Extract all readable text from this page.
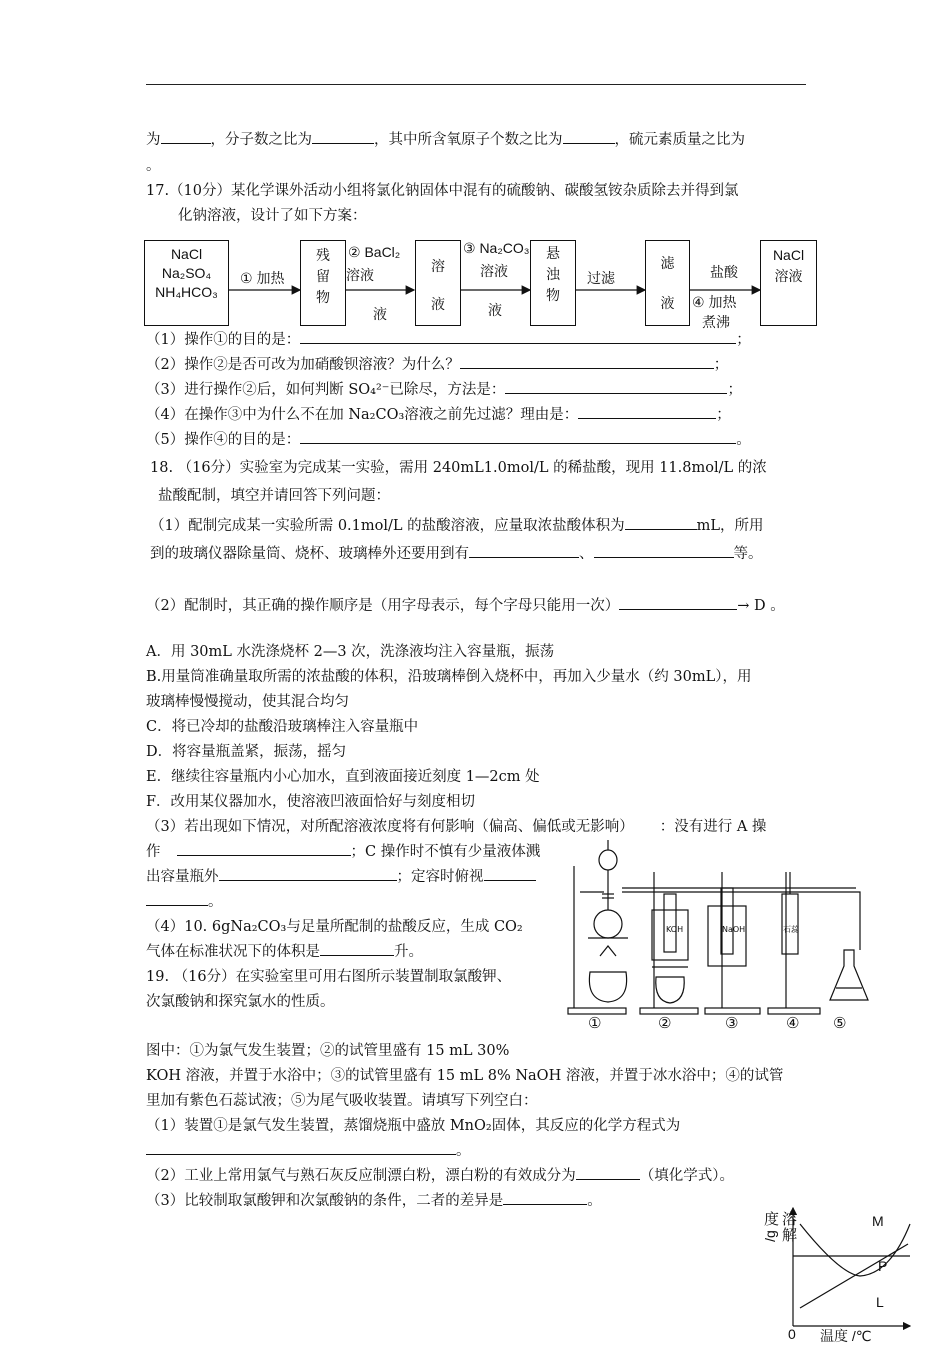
为	，分子数之比为	，其中所含氧原子个数之比为	，硫元素质量之比为
。
17.（10分）某化学课外活动小组将氯化钠固体中混有的硫酸钠、碳酸氢铵杂质除去并得到氯
化钠溶液，设计了如下方案：
NaCl
Na₂SO₄
NH₄HCO₃
① 加热
残
留
物
② BaCl₂
溶液
液
溶
液
③ Na₂CO₃
溶液
液
悬
浊
物
过滤
滤
液
盐酸
④ 加热
煮沸
NaCl
溶液
（1）操作①的目的是：	；
（2）操作②是否可改为加硝酸钡溶液？为什么？	；
（3）进行操作②后，如何判断 SO₄²⁻已除尽，方法是：	；
（4）在操作③中为什么不在加 Na₂CO₃溶液之前先过滤？理由是：	；
（5）操作④的目的是：	。
18. （16分）实验室为完成某一实验，需用 240mL1.0mol/L 的稀盐酸，现用 11.8mol/L 的浓
盐酸配制，填空并请回答下列问题：
（1）配制完成某一实验所需 0.1mol/L 的盐酸溶液，应量取浓盐酸体积为	mL，所用
到的玻璃仪器除量筒、烧杯、玻璃棒外还要用到有	、	等。
（2）配制时，其正确的操作顺序是（用字母表示，每个字母只能用一次）	→ D 。
A．用 30mL 水洗涤烧杯 2—3 次，洗涤液均注入容量瓶，振荡
B.用量筒准确量取所需的浓盐酸的体积，沿玻璃棒倒入烧杯中，再加入少量水（约 30mL），用
玻璃棒慢慢搅动，使其混合均匀
C．将已冷却的盐酸沿玻璃棒注入容量瓶中
D．将容量瓶盖紧，振荡，摇匀
E．继续往容量瓶内小心加水，直到液面接近刻度 1—2cm 处
F．改用某仪器加水，使溶液凹液面恰好与刻度相切
（3）若出现如下情况，对所配溶液浓度将有何影响（偏高、偏低或无影响） ：没有进行 A 操
作	；C 操作时不慎有少量液体溅
出容量瓶外	；定容时俯视
。
（4）10. 6gNa₂CO₃与足量所配制的盐酸反应，生成 CO₂
气体在标准状况下的体积是	升。
19. （16分）在实验室里可用右图所示装置制取氯酸钾、
次氯酸钠和探究氯水的性质。
KOH	NaOH	石蕊
①	②	③	④ ⑤
图中：①为氯气发生装置；②的试管里盛有 15 mL 30%
KOH 溶液，并置于水浴中；③的试管里盛有 15 mL 8% NaOH 溶液，并置于冰水浴中；④的试管
里加有紫色石蕊试液；⑤为尾气吸收装置。请填写下列空白：
（1）装置①是氯气发生装置，蒸馏烧瓶中盛放 MnO₂固体，其反应的化学方程式为
。
（2）工业上常用氯气与熟石灰反应制漂白粉，漂白粉的有效成分为	（填化学式）。
（3）比较制取氯酸钾和次氯酸钠的条件，二者的差异是	。
度 溶
解
/g
M
P
L
0 温度 /℃
